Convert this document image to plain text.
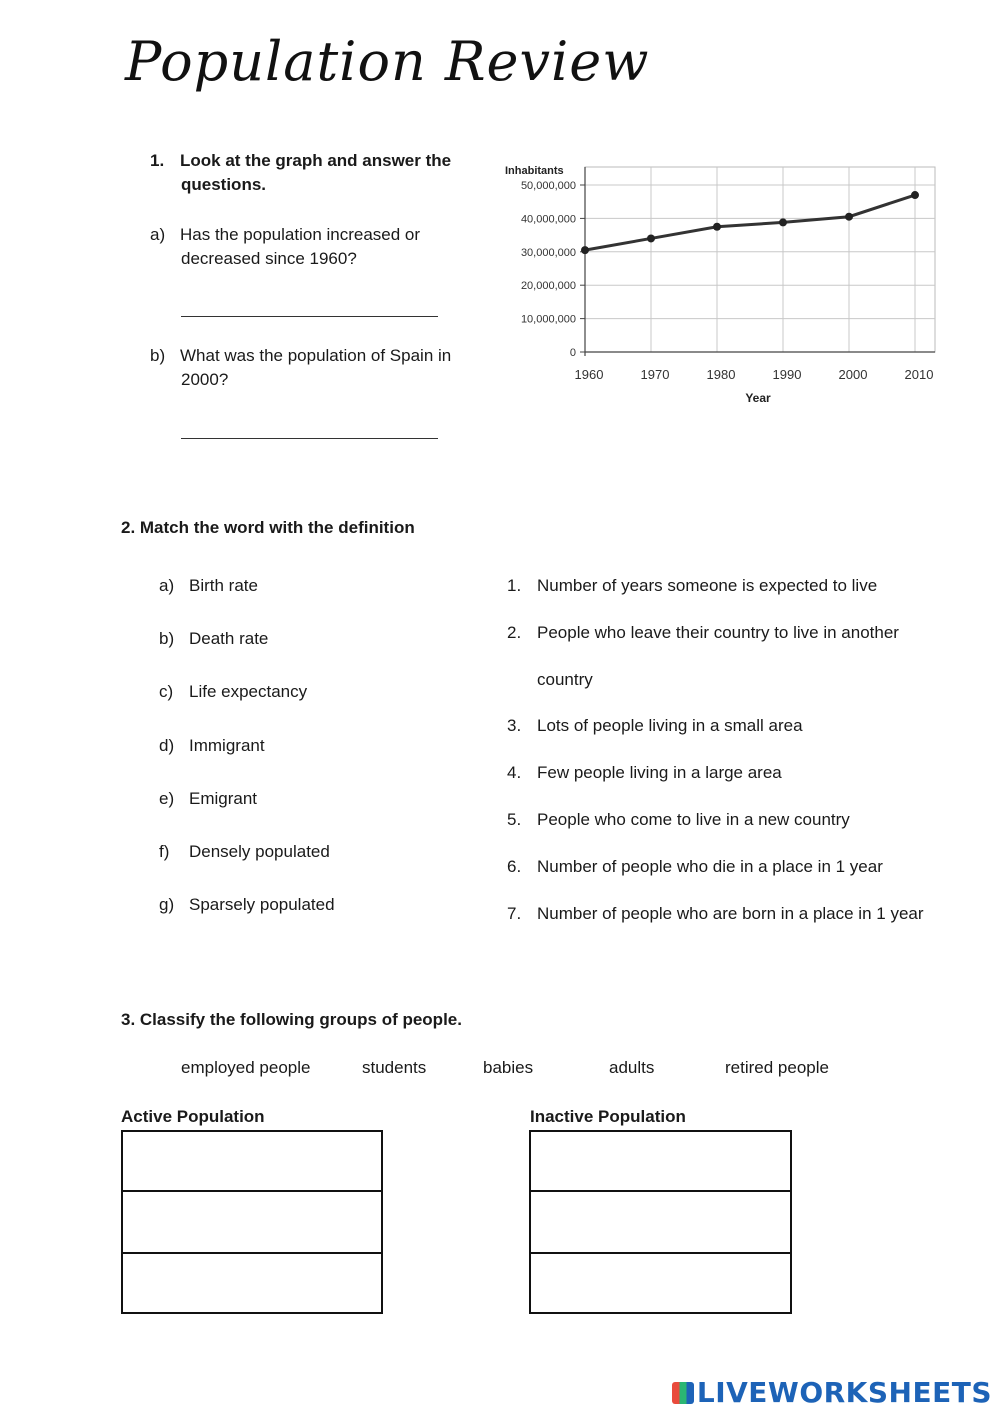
Population Review
1. Look at the graph and answer the
questions.
a) Has the population increased or
decreased since 1960?
b) What was the population of Spain in
2000?
Inhabitants
Year
0
10,000,000
20,000,000
30,000,000
40,000,000
50,000,000
1960	1970	1980	1990	2000	2010
2. Match the word with the definition
a) Birth rate
b) Death rate
c) Life expectancy
d) Immigrant
e) Emigrant
f) Densely populated
g) Sparsely populated
1. Number of years someone is expected to live
2. People who leave their country to live in another
country
3. Lots of people living in a small area
4. Few people living in a large area
5. People who come to live in a new country
6. Number of people who die in a place in 1 year
7. Number of people who are born in a place in 1 year
3. Classify the following groups of people.
employed people	students	babies	adults	retired people
Active Population	Inactive Population
LIVEWORKSHEETS
